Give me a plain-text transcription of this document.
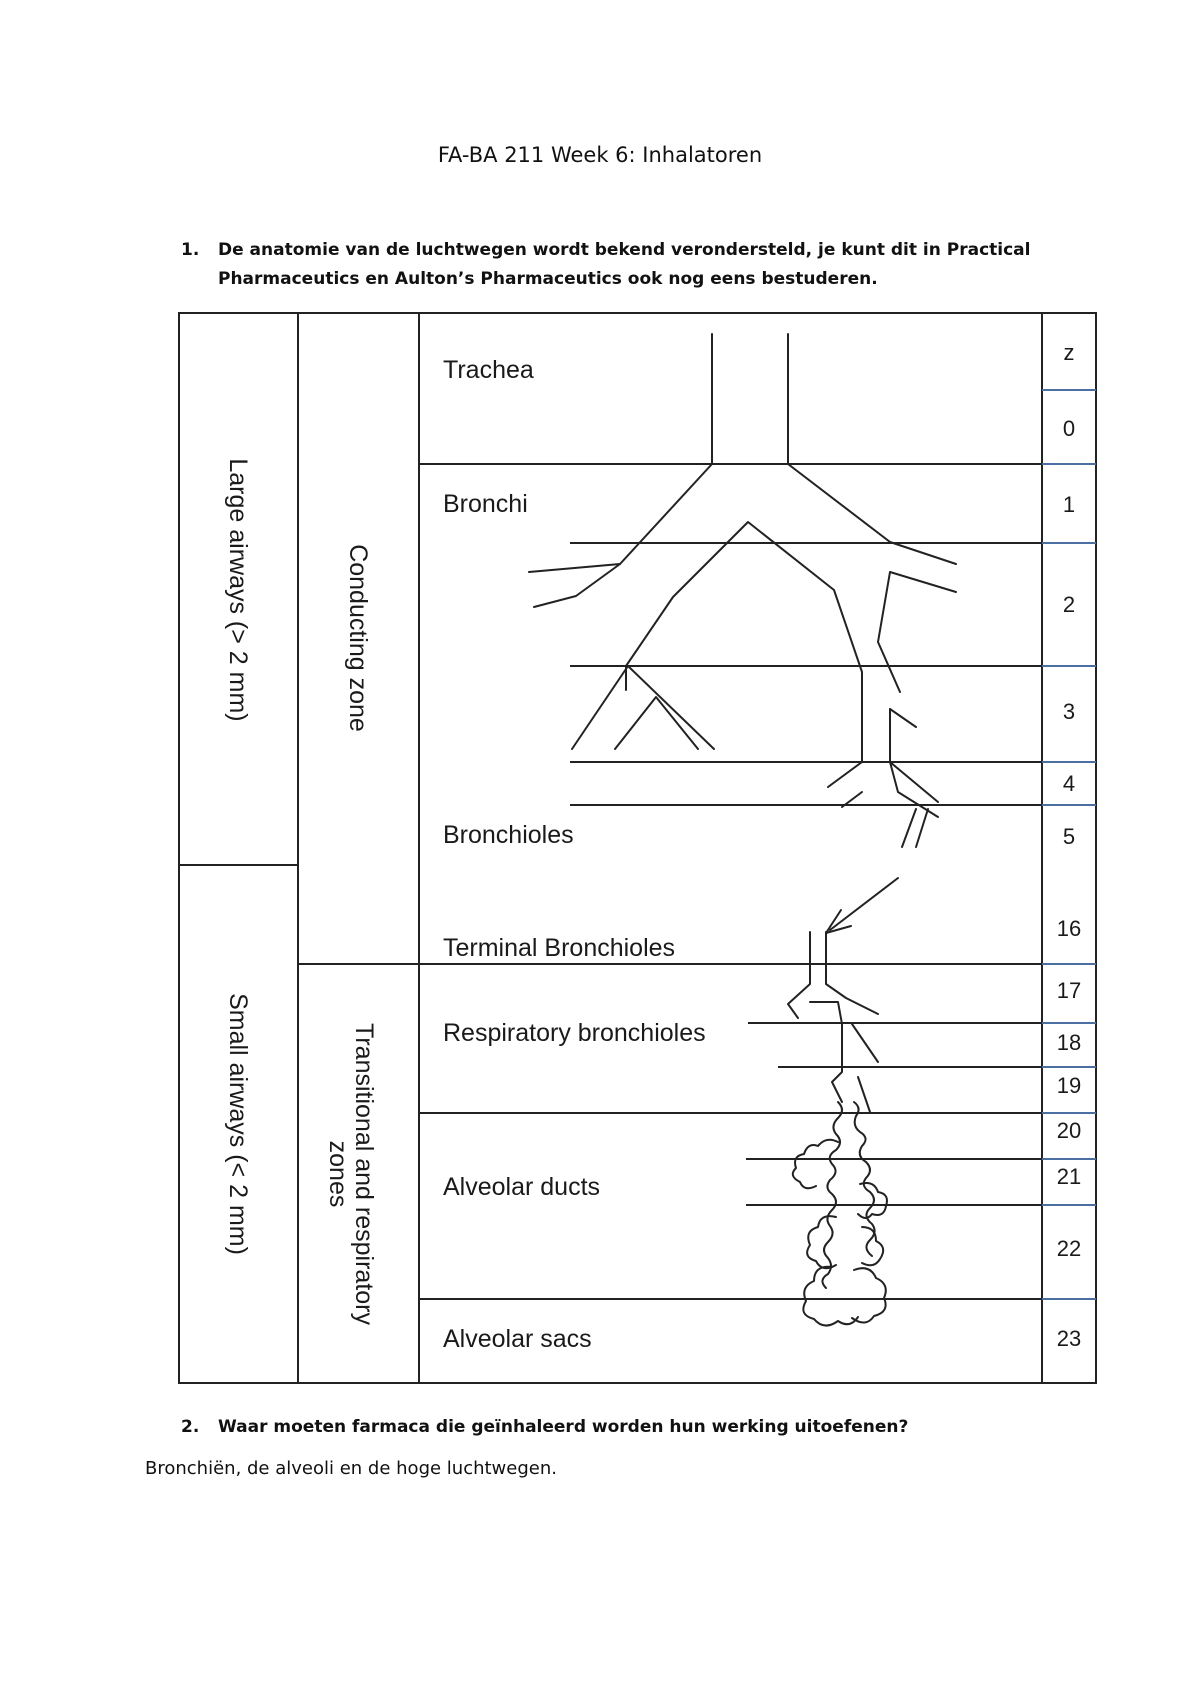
FA-BA 211 Week 6: Inhalatoren
1.	De anatomie van de luchtwegen wordt bekend verondersteld, je kunt dit in Practical
Pharmaceutics en Aulton’s Pharmaceutics ook nog eens bestuderen.
Large airways (> 2 mm)
Small airways (< 2 mm)
Conducting zone
Transitional and respiratory
zones
Trachea
Bronchi
Bronchioles
Terminal Bronchioles
Respiratory bronchioles
Alveolar ducts
Alveolar sacs
z
0
1
2
3
4
5
16
17
18
19
20
21
22
23
2.	Waar moeten farmaca die geïnhaleerd worden hun werking uitoefenen?
Bronchiën, de alveoli en de hoge luchtwegen.
